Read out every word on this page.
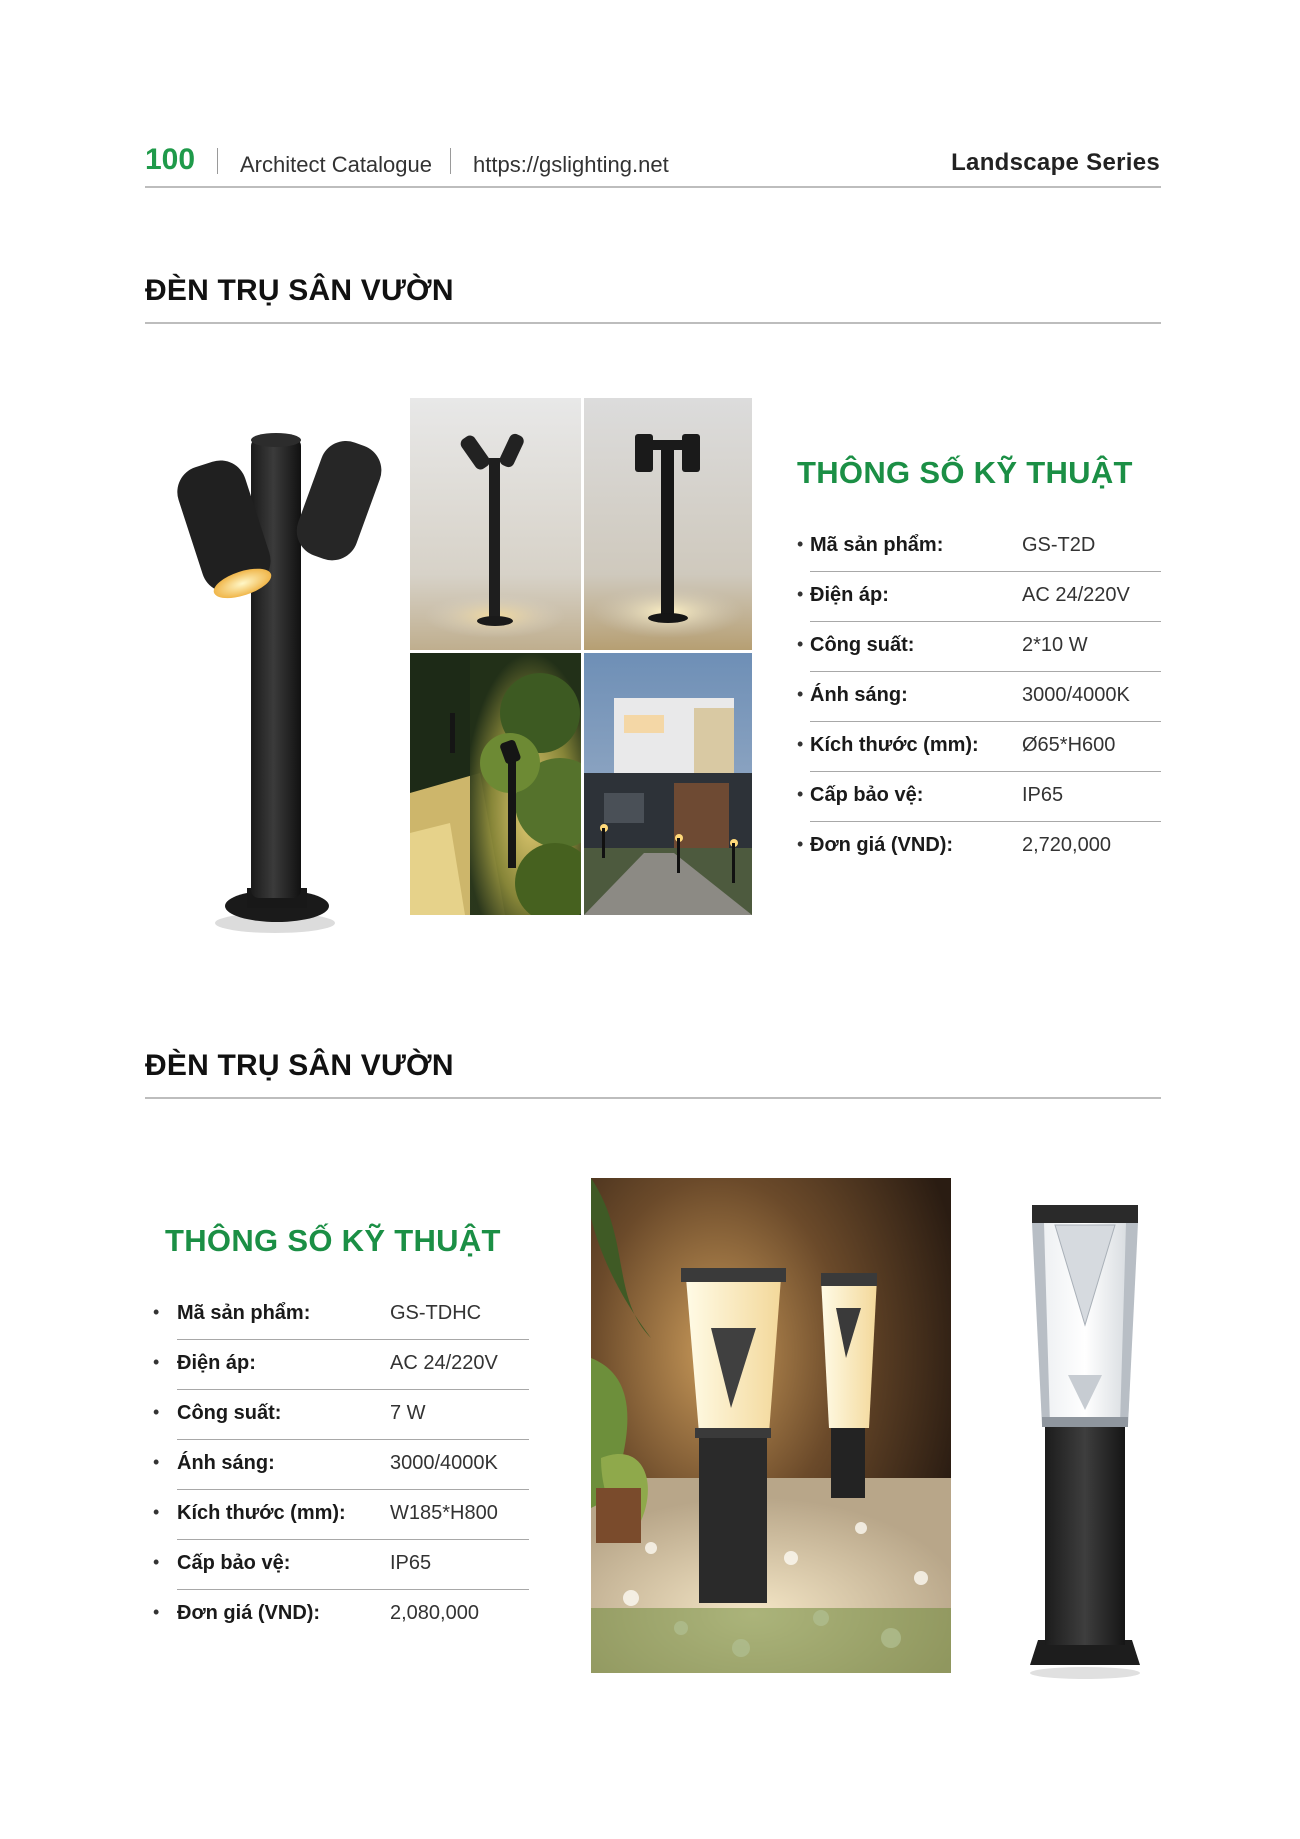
100 Architect Catalogue https://gslighting.net	Landscape Series
ĐÈN TRỤ SÂN VƯỜN
THÔNG SỐ KỸ THUẬT
• Mã sản phẩm:	GS-T2D
• Điện áp:	AC 24/220V
• Công suất:	2*10 W
• Ánh sáng:	3000/4000K
• Kích thước (mm): Ø65*H600
• Cấp bảo vệ:	IP65
• Đơn giá (VND):	2,720,000
ĐÈN TRỤ SÂN VƯỜN
THÔNG SỐ KỸ THUẬT
• Mã sản phẩm:	GS-TDHC
• Điện áp:	AC 24/220V
• Công suất:	7 W
• Ánh sáng:	3000/4000K
• Kích thước (mm): W185*H800
• Cấp bảo vệ:	IP65
• Đơn giá (VND):	2,080,000
